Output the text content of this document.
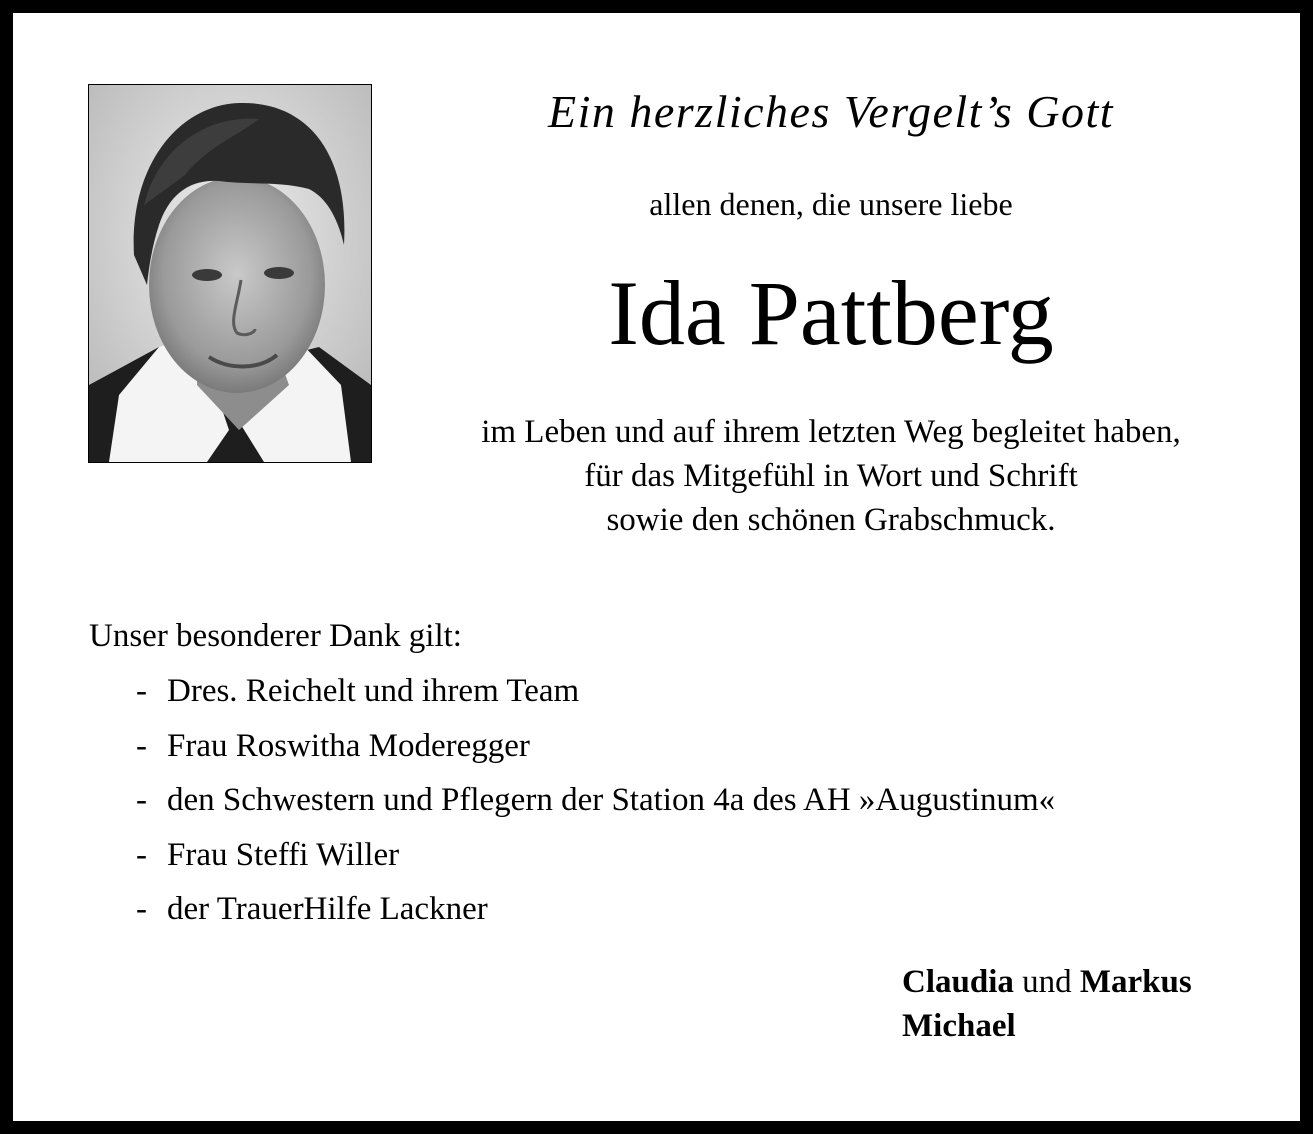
Ein herzliches Vergelt’s Gott
allen denen, die unsere liebe
Ida Pattberg
im Leben und auf ihrem letzten Weg begleitet haben,
für das Mitgefühl in Wort und Schrift
sowie den schönen Grabschmuck.
Unser besonderer Dank gilt:
- Dres. Reichelt und ihrem Team
- Frau Roswitha Moderegger
- den Schwestern und Pflegern der Station 4a des AH »Augustinum«
- Frau Steffi Willer
- der TrauerHilfe Lackner
Claudia und Markus
Michael
